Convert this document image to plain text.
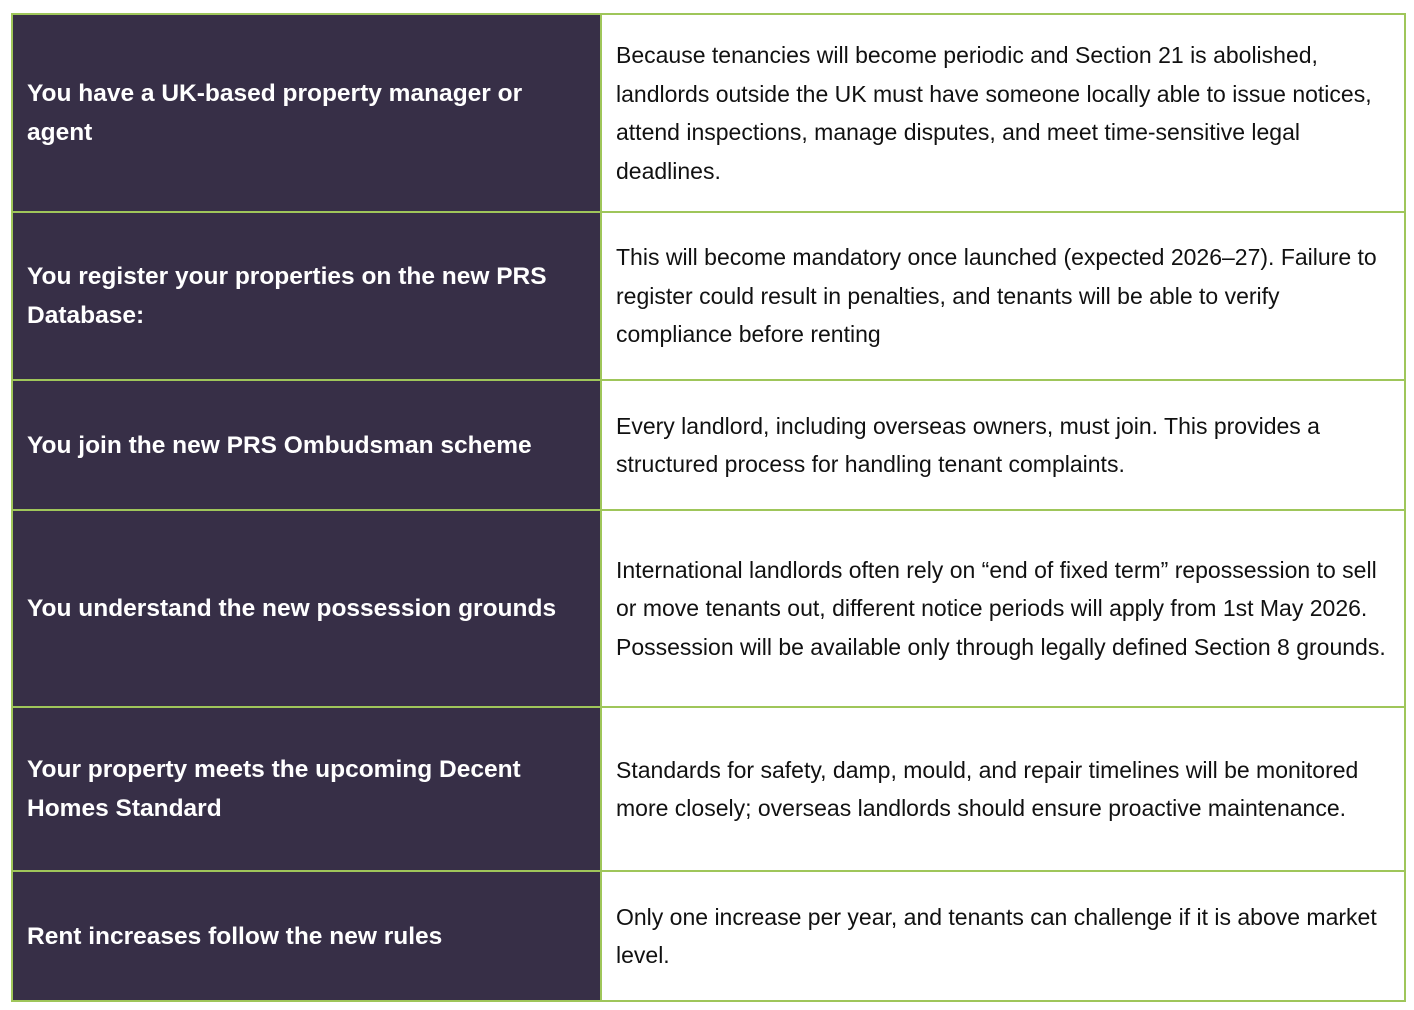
You have a UK-based property manager or agent	Because tenancies will become periodic and Section 21 is abolished, landlords outside the UK must have someone locally able to issue notices, attend inspections, manage disputes, and meet time-sensitive legal deadlines.
You register your properties on the new PRS Database:	This will become mandatory once launched (expected 2026–27). Failure to register could result in penalties, and tenants will be able to verify compliance before renting
You join the new PRS Ombudsman scheme	Every landlord, including overseas owners, must join. This provides a structured process for handling tenant complaints.
You understand the new possession grounds	International landlords often rely on “end of fixed term” repossession to sell or move tenants out, different notice periods will apply from 1st May 2026. Possession will be available only through legally defined Section 8 grounds.
Your property meets the upcoming Decent Homes Standard	Standards for safety, damp, mould, and repair timelines will be monitored more closely; overseas landlords should ensure proactive maintenance.
Rent increases follow the new rules	Only one increase per year, and tenants can challenge if it is above market level.
